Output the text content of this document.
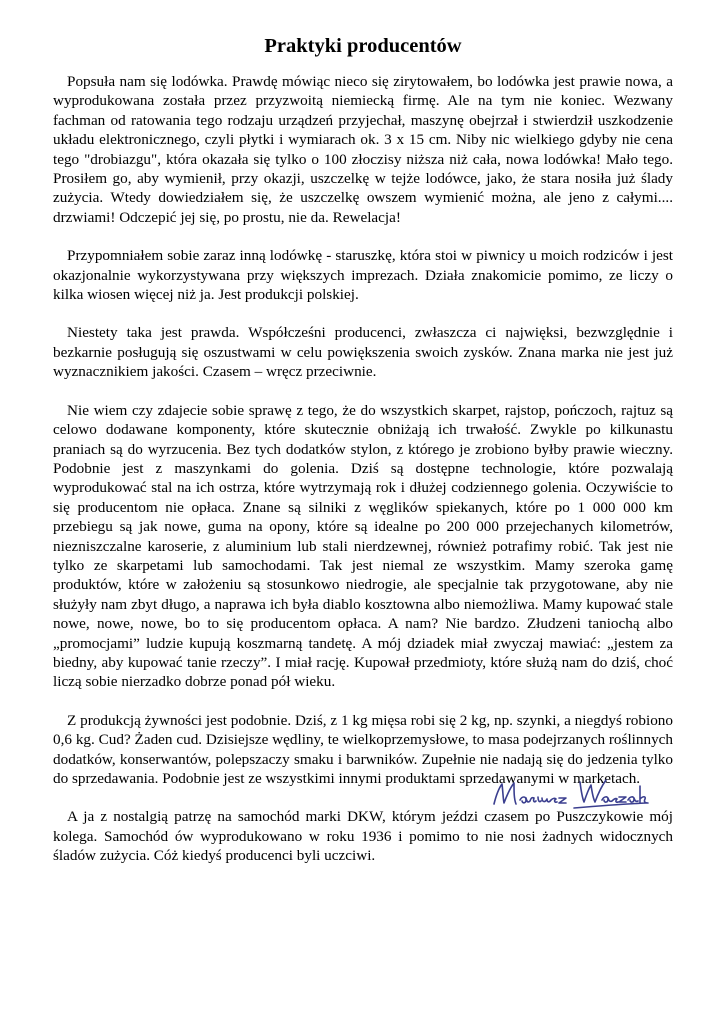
Praktyki producentów

Popsuła nam się lodówka. Prawdę mówiąc nieco się zirytowałem, bo lodówka jest prawie nowa, a wyprodukowana została przez przyzwoitą niemiecką firmę. Ale na tym nie koniec. Wezwany fachman od ratowania tego rodzaju urządzeń przyjechał, maszynę obejrzał i stwierdził uszkodzenie układu elektronicznego, czyli płytki i wymiarach ok. 3 x 15 cm. Niby nic wielkiego gdyby nie cena tego "drobiazgu", która okazała się tylko o 100 złoczisy niższa niż cała, nowa lodówka! Mało tego. Prosiłem go, aby wymienił, przy okazji, uszczelkę w tejże lodówce, jako, że stara nosiła już ślady zużycia. Wtedy dowiedziałem się, że uszczelkę owszem wymienić można, ale jeno z całymi.... drzwiami! Odczepić jej się, po prostu, nie da. Rewelacja!

Przypomniałem sobie zaraz inną lodówkę - staruszkę, która stoi w piwnicy u moich rodziców i jest okazjonalnie wykorzystywana przy większych imprezach. Działa znakomicie pomimo, ze liczy o kilka wiosen więcej niż ja. Jest produkcji polskiej.

Niestety taka jest prawda. Współcześni producenci, zwłaszcza ci najwięksi, bezwzględnie i bezkarnie posługują się oszustwami w celu powiększenia swoich zysków. Znana marka nie jest już wyznacznikiem jakości. Czasem – wręcz przeciwnie.

Nie wiem czy zdajecie sobie sprawę z tego, że do wszystkich skarpet, rajstop, pończoch, rajtuz są celowo dodawane komponenty, które skutecznie obniżają ich trwałość. Zwykle po kilkunastu praniach są do wyrzucenia. Bez tych dodatków stylon, z którego je zrobiono byłby prawie wieczny. Podobnie jest z maszynkami do golenia. Dziś są dostępne technologie, które pozwalają wyprodukować stal na ich ostrza, które wytrzymają rok i dłużej codziennego golenia. Oczywiście to się producentom nie opłaca. Znane są silniki z węglików spiekanych, które po 1 000 000 km przebiegu są jak nowe, guma na opony, które są idealne po 200 000 przejechanych kilometrów, niezniszczalne karoserie, z aluminium lub stali nierdzewnej, również potrafimy robić. Tak jest nie tylko ze skarpetami lub samochodami. Tak jest niemal ze wszystkim. Mamy szeroka gamę produktów, które w założeniu są stosunkowo niedrogie, ale specjalnie tak przygotowane, aby nie służyły nam zbyt długo, a naprawa ich była diablo kosztowna albo niemożliwa. Mamy kupować stale nowe, nowe, nowe, bo to się producentom opłaca. A nam? Nie bardzo. Złudzeni taniochą albo „promocjami” ludzie kupują koszmarną tandetę. A mój dziadek miał zwyczaj mawiać: „jestem za biedny, aby kupować tanie rzeczy”. I miał rację. Kupował przedmioty, które służą nam do dziś, choć liczą sobie nierzadko dobrze ponad pół wieku.

Z produkcją żywności jest podobnie. Dziś, z 1 kg mięsa robi się 2 kg, np. szynki, a niegdyś robiono 0,6 kg. Cud? Żaden cud. Dzisiejsze wędliny, te wielkoprzemysłowe, to masa podejrzanych roślinnych dodatków, konserwantów, polepszaczy smaku i barwników. Zupełnie nie nadają się do jedzenia tylko do sprzedawania. Podobnie jest ze wszystkimi innymi produktami sprzedawanymi w marketach.

A ja z nostalgią patrzę na samochód marki DKW, którym jeździ czasem po Puszczykowie mój kolega. Samochód ów wyprodukowano w roku 1936 i pomimo to nie nosi żadnych widocznych śladów zużycia. Cóż kiedyś producenci byli uczciwi.
